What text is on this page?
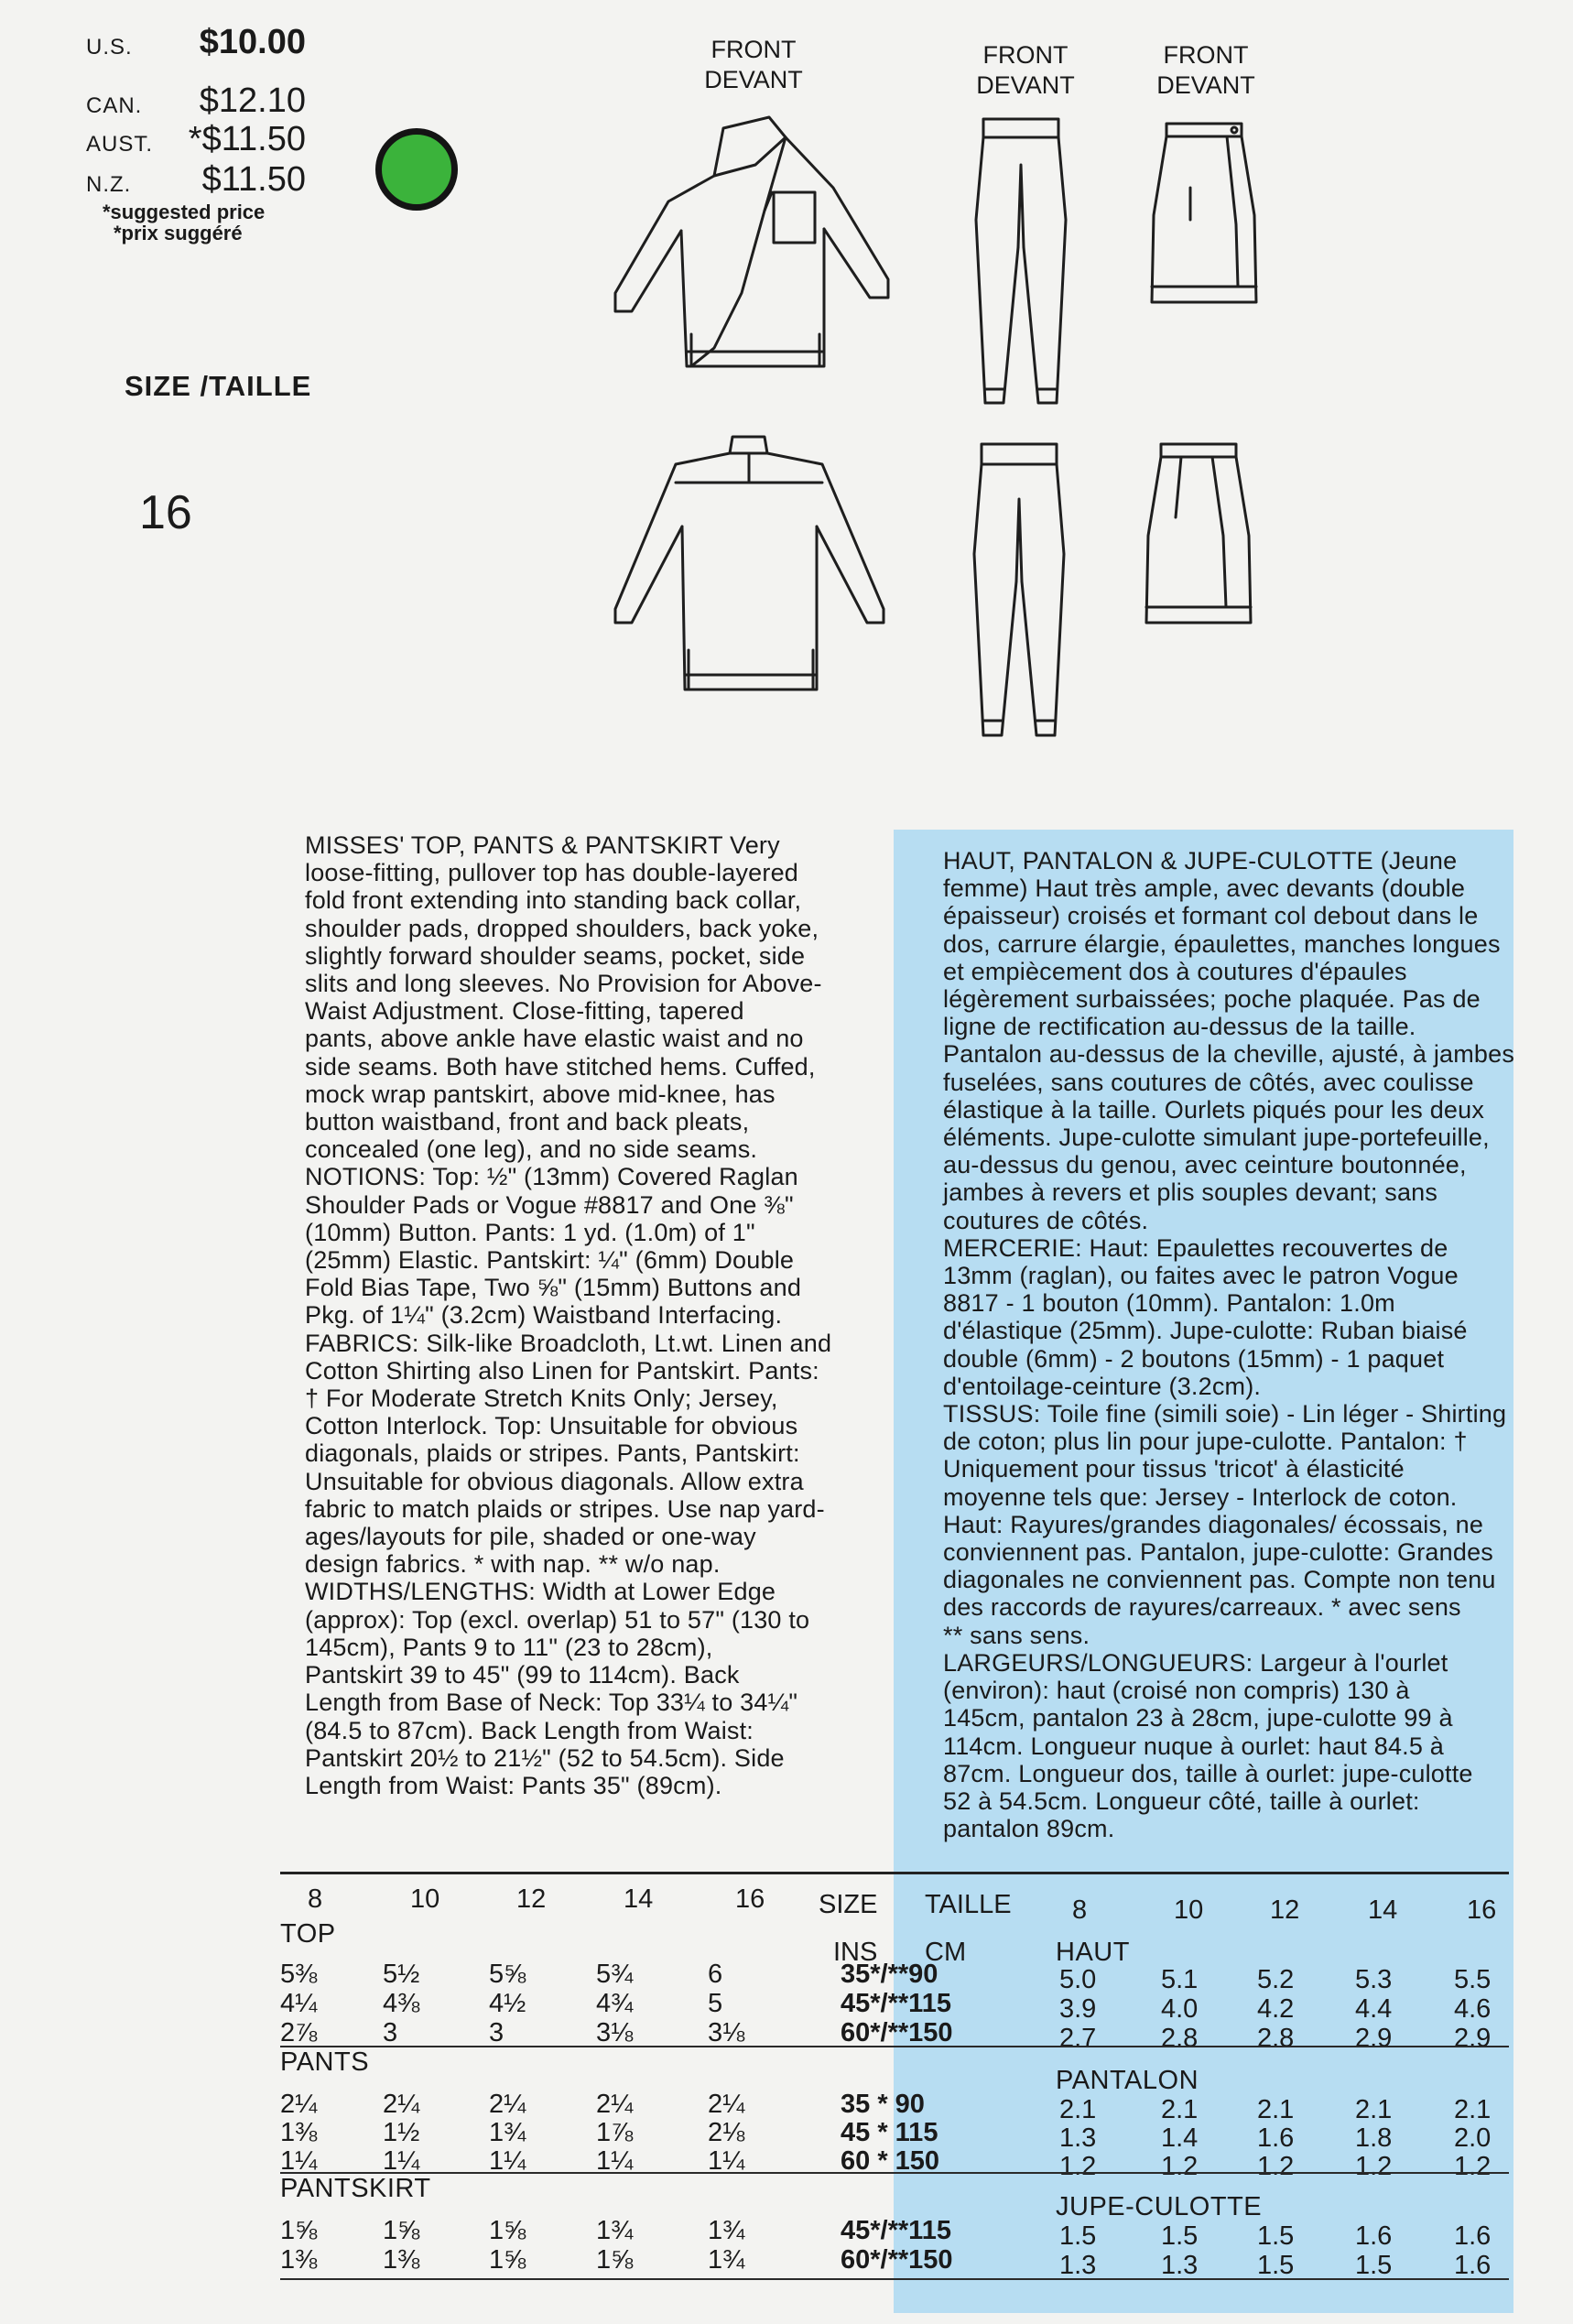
U.S. $10.00
CAN. $12.10
AUST. *$11.50
N.Z. $11.50
*suggested price
*prix suggéré
SIZE /TAILLE
16
FRONT
DEVANT
FRONT
DEVANT
FRONT
DEVANT

MISSES' TOP, PANTS & PANTSKIRT Very

loose-fitting, pullover top has double-layered

fold front extending into standing back collar,

shoulder pads, dropped shoulders, back yoke,

slightly forward shoulder seams, pocket, side

slits and long sleeves. No Provision for Above-

Waist Adjustment. Close-fitting, tapered

pants, above ankle have elastic waist and no

side seams. Both have stitched hems. Cuffed,

mock wrap pantskirt, above mid-knee, has

button waistband, front and back pleats,

concealed (one leg), and no side seams.

NOTIONS: Top: ½" (13mm) Covered Raglan

Shoulder Pads or Vogue #8817 and One ⅜"

(10mm) Button. Pants: 1 yd. (1.0m) of 1"

(25mm) Elastic. Pantskirt: ¼" (6mm) Double

Fold Bias Tape, Two ⅝" (15mm) Buttons and

Pkg. of 1¼" (3.2cm) Waistband Interfacing.

FABRICS: Silk-like Broadcloth, Lt.wt. Linen and

Cotton Shirting also Linen for Pantskirt. Pants:

† For Moderate Stretch Knits Only; Jersey,

Cotton Interlock. Top: Unsuitable for obvious

diagonals, plaids or stripes. Pants, Pantskirt:

Unsuitable for obvious diagonals. Allow extra

fabric to match plaids or stripes. Use nap yard-

ages/layouts for pile, shaded or one-way

design fabrics. * with nap. ** w/o nap.

WIDTHS/LENGTHS: Width at Lower Edge

(approx): Top (excl. overlap) 51 to 57" (130 to

145cm), Pants 9 to 11" (23 to 28cm),

Pantskirt 39 to 45" (99 to 114cm). Back

Length from Base of Neck: Top 33¼ to 34¼"

(84.5 to 87cm). Back Length from Waist:

Pantskirt 20½ to 21½" (52 to 54.5cm). Side

Length from Waist: Pants 35" (89cm).

HAUT, PANTALON & JUPE-CULOTTE (Jeune

femme) Haut très ample, avec devants (double

épaisseur) croisés et formant col debout dans le

dos, carrure élargie, épaulettes, manches longues

et empiècement dos à coutures d'épaules

légèrement surbaissées; poche plaquée. Pas de

ligne de rectification au-dessus de la taille.

Pantalon au-dessus de la cheville, ajusté, à jambes

fuselées, sans coutures de côtés, avec coulisse

élastique à la taille. Ourlets piqués pour les deux

éléments. Jupe-culotte simulant jupe-portefeuille,

au-dessus du genou, avec ceinture boutonnée,

jambes à revers et plis souples devant; sans

coutures de côtés.

MERCERIE: Haut: Epaulettes recouvertes de

13mm (raglan), ou faites avec le patron Vogue

8817 - 1 bouton (10mm). Pantalon: 1.0m

d'élastique (25mm). Jupe-culotte: Ruban biaisé

double (6mm) - 2 boutons (15mm) - 1 paquet

d'entoilage-ceinture (3.2cm).

TISSUS: Toile fine (simili soie) - Lin léger - Shirting

de coton; plus lin pour jupe-culotte. Pantalon: †

Uniquement pour tissus 'tricot' à élasticité

moyenne tels que: Jersey - Interlock de coton.

Haut: Rayures/grandes diagonales/ écossais, ne

conviennent pas. Pantalon, jupe-culotte: Grandes

diagonales ne conviennent pas. Compte non tenu

des raccords de rayures/carreaux. * avec sens

** sans sens.

LARGEURS/LONGUEURS: Largeur à l'ourlet

(environ): haut (croisé non compris) 130 à

145cm, pantalon 23 à 28cm, jupe-culotte 99 à

114cm. Longueur nuque à ourlet: haut 84.5 à

87cm. Longueur dos, taille à ourlet: jupe-culotte

52 à 54.5cm. Longueur côté, taille à ourlet:

pantalon 89cm.

8	10	12	14	16 SIZE TAILLE 8	10	12	14	16
INS CM
TOP
HAUT
5⅜ 5½	5⅝	5¾	6	35*/**90	5.0 5.1 5.2 5.3 5.5
4¼ 4⅜	4½	4¾	5	45*/**115	3.9 4.0 4.2 4.4 4.6
2⅞ 3	3	3⅛	3⅛	60*/**150	2.7 2.8 2.8 2.9 2.9
PANTS
PANTALON
2¼ 2¼	2¼	2¼	2¼	35 * 90	2.1 2.1 2.1 2.1 2.1
1⅜ 1½	1¾	1⅞	2⅛	45 * 115	1.3 1.4 1.6 1.8 2.0
1¼ 1¼	1¼	1¼	1¼	60 * 150	1.2 1.2 1.2 1.2 1.2
PANTSKIRT
JUPE-CULOTTE
1⅝ 1⅝	1⅝	1¾	1¾	45*/**115	1.5 1.5 1.5 1.6 1.6
1⅜ 1⅜	1⅝	1⅝	1¾	60*/**150	1.3 1.3 1.5 1.5 1.6
